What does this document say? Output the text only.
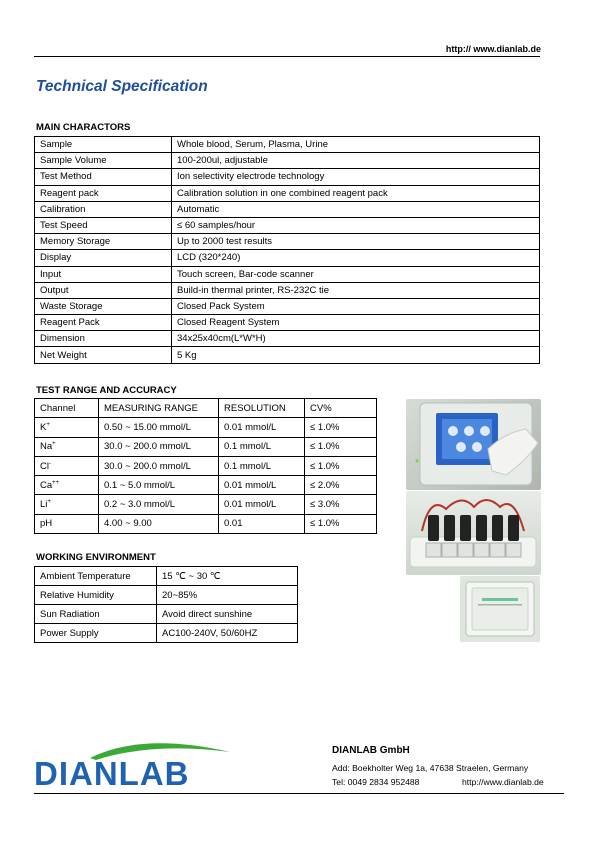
http:// www.dianlab.de
Technical Specification
MAIN CHARACTORS
Sample	Whole blood, Serum, Plasma, Urine
Sample Volume	100-200ul, adjustable
Test Method	Ion selectivity electrode technology
Reagent pack	Calibration solution in one combined reagent pack
Calibration	Automatic
Test Speed	≤ 60 samples/hour
Memory Storage	Up to 2000 test results
Display	LCD (320*240)
Input	Touch screen, Bar-code scanner
Output	Build-in thermal printer, RS-232C tie
Waste Storage	Closed Pack System
Reagent Pack	Closed Reagent System
Dimension	34x25x40cm(L*W*H)
Net Weight	5 Kg
TEST RANGE AND ACCURACY
Channel	MEASURING RANGE	RESOLUTION	CV%
K+	0.50 ~ 15.00 mmol/L	0.01 mmol/L	≤ 1.0%
Na+	30.0 ~ 200.0 mmol/L	0.1 mmol/L	≤ 1.0%
Cl-	30.0 ~ 200.0 mmol/L	0.1 mmol/L	≤ 1.0%
Ca++	0.1 ~ 5.0 mmol/L	0.01 mmol/L	≤ 2.0%
Li+	0.2 ~ 3.0 mmol/L	0.01 mmol/L	≤ 3.0%
pH	4.00 ~ 9.00	0.01	≤ 1.0%
WORKING ENVIRONMENT
Ambient Temperature	15 ℃ ~ 30 ℃
Relative Humidity	20~85%
Sun Radiation	Avoid direct sunshine
Power Supply	AC100-240V, 50/60HZ
DIANLAB
DIANLAB GmbH
Add: Boekholter Weg 1a, 47638 Straelen, Germany
Tel: 0049 2834 952488	http://www.dianlab.de
